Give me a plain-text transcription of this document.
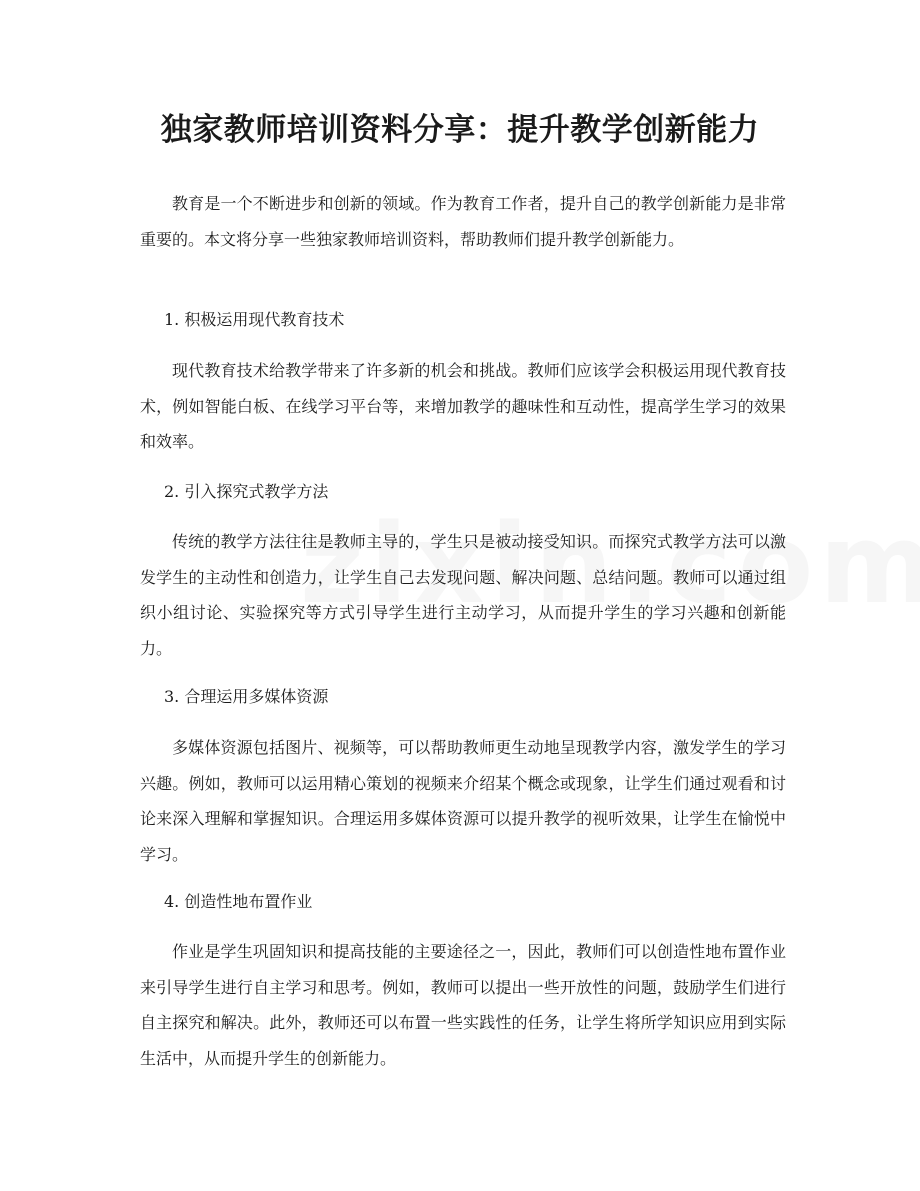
独家教师培训资料分享：提升教学创新能力

教育是一个不断进步和创新的领域。作为教育工作者，提升自己的教学创新能力是非常重要的。本文将分享一些独家教师培训资料，帮助教师们提升教学创新能力。

1. 积极运用现代教育技术

现代教育技术给教学带来了许多新的机会和挑战。教师们应该学会积极运用现代教育技术，例如智能白板、在线学习平台等，来增加教学的趣味性和互动性，提高学生学习的效果和效率。

2. 引入探究式教学方法

传统的教学方法往往是教师主导的，学生只是被动接受知识。而探究式教学方法可以激发学生的主动性和创造力，让学生自己去发现问题、解决问题、总结问题。教师可以通过组织小组讨论、实验探究等方式引导学生进行主动学习，从而提升学生的学习兴趣和创新能力。

3. 合理运用多媒体资源

多媒体资源包括图片、视频等，可以帮助教师更生动地呈现教学内容，激发学生的学习兴趣。例如，教师可以运用精心策划的视频来介绍某个概念或现象，让学生们通过观看和讨论来深入理解和掌握知识。合理运用多媒体资源可以提升教学的视听效果，让学生在愉悦中学习。

4. 创造性地布置作业

作业是学生巩固知识和提高技能的主要途径之一，因此，教师们可以创造性地布置作业来引导学生进行自主学习和思考。例如，教师可以提出一些开放性的问题，鼓励学生们进行自主探究和解决。此外，教师还可以布置一些实践性的任务，让学生将所学知识应用到实际生活中，从而提升学生的创新能力。
